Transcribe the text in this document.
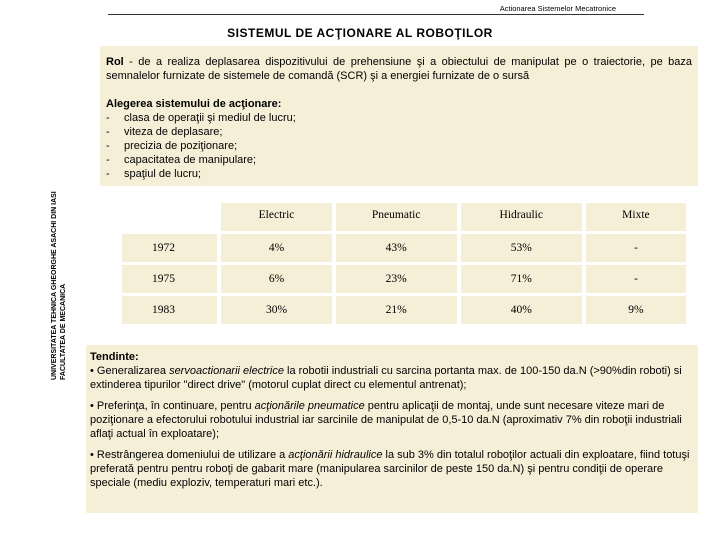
Actionarea Sistemelor Mecatronice
SISTEMUL DE ACŢIONARE AL ROBOŢILOR
UNIVERSITATEA TEHNICA GHEORGHE ASACHI DIN IASI FACULTATEA DE MECANICA
Rol - de a realiza deplasarea dispozitivului de prehensiune şi a obiectului de manipulat pe o traiectorie, pe baza semnalelor furnizate de sistemele de comandă (SCR) şi a energiei furnizate de o sursă
Alegerea sistemului de acţionare:
- clasa de operaţii şi mediul de lucru;
- viteza de deplasare;
- precizia de poziţionare;
- capacitatea de manipulare;
- spaţiul de lucru;
	Electric	Pneumatic	Hidraulic	Mixte
1972	4%	43%	53%	-
1975	6%	23%	71%	-
1983	30%	21%	40%	9%
Tendinte:

• Generalizarea servoactionarii electrice la robotii industriali cu sarcina portanta max. de 100-150 da.N (>90%din roboti) si extinderea tipurilor "direct drive" (motorul cuplat direct cu elementul antrenat);

• Preferinţa, în continuare, pentru acţionările pneumatice pentru aplicaţii de montaj, unde sunt necesare viteze mari de poziţionare a efectorului robotului industrial iar sarcinile de manipulat de 0,5-10 da.N (aproximativ 7% din roboţii industriali aflaţi actual în exploatare);

• Restrângerea domeniului de utilizare a acţionării hidraulice la sub 3% din totalul roboţilor actuali din exploatare, fiind totuşi preferată pentru pentru roboţi de gabarit mare (manipularea sarcinilor de peste 150 da.N) şi pentru condiţii de operare speciale (mediu exploziv, temperaturi mari etc.).
